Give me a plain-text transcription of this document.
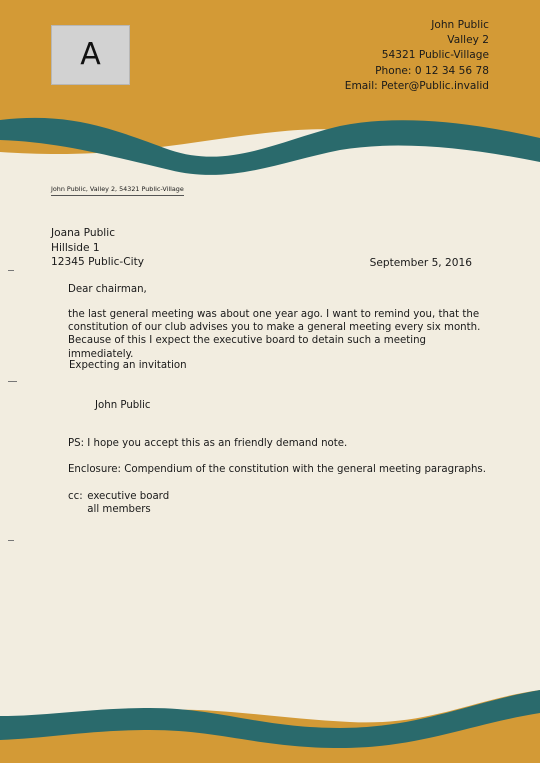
A
John Public
Valley 2
54321 Public-Village
Phone: 0 12 34 56 78
Email: Peter@Public.invalid
John Public, Valley 2, 54321 Public-Village
Joana Public
Hillside 1
12345 Public-City	September 5, 2016
Dear chairman,
the last general meeting was about one year ago. I want to remind you, that the constitution of our club advises you to make a general meeting every six month. Because of this I expect the executive board to detain such a meeting immediately.
Expecting an invitation
John Public
PS: I hope you accept this as an friendly demand note.
Enclosure: Compendium of the constitution with the general meeting paragraphs.
cc: executive board
all members
